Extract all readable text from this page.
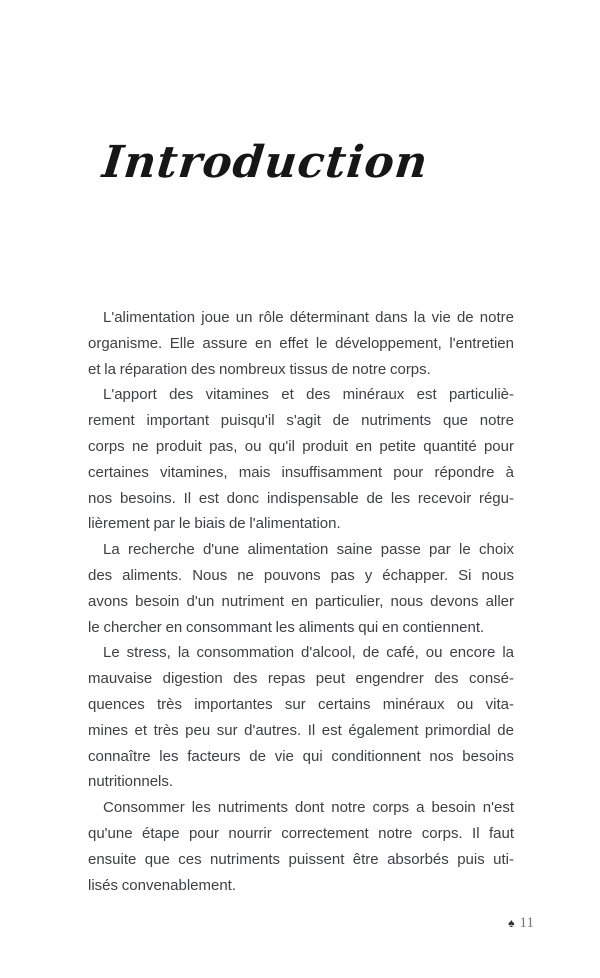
Introduction
L'alimentation joue un rôle déterminant dans la vie de notre
organisme. Elle assure en effet le développement, l'entretien
et la réparation des nombreux tissus de notre corps.
L'apport des vitamines et des minéraux est particuliè-
rement important puisqu'il s'agit de nutriments que notre
corps ne produit pas, ou qu'il produit en petite quantité pour
certaines vitamines, mais insuffisamment pour répondre à
nos besoins. Il est donc indispensable de les recevoir régu-
lièrement par le biais de l'alimentation.
La recherche d'une alimentation saine passe par le choix
des aliments. Nous ne pouvons pas y échapper. Si nous
avons besoin d'un nutriment en particulier, nous devons aller
le chercher en consommant les aliments qui en contiennent.
Le stress, la consommation d'alcool, de café, ou encore la
mauvaise digestion des repas peut engendrer des consé-
quences très importantes sur certains minéraux ou vita-
mines et très peu sur d'autres. Il est également primordial de
connaître les facteurs de vie qui conditionnent nos besoins
nutritionnels.
Consommer les nutriments dont notre corps a besoin n'est
qu'une étape pour nourrir correctement notre corps. Il faut
ensuite que ces nutriments puissent être absorbés puis uti-
lisés convenablement.
♠ 11
